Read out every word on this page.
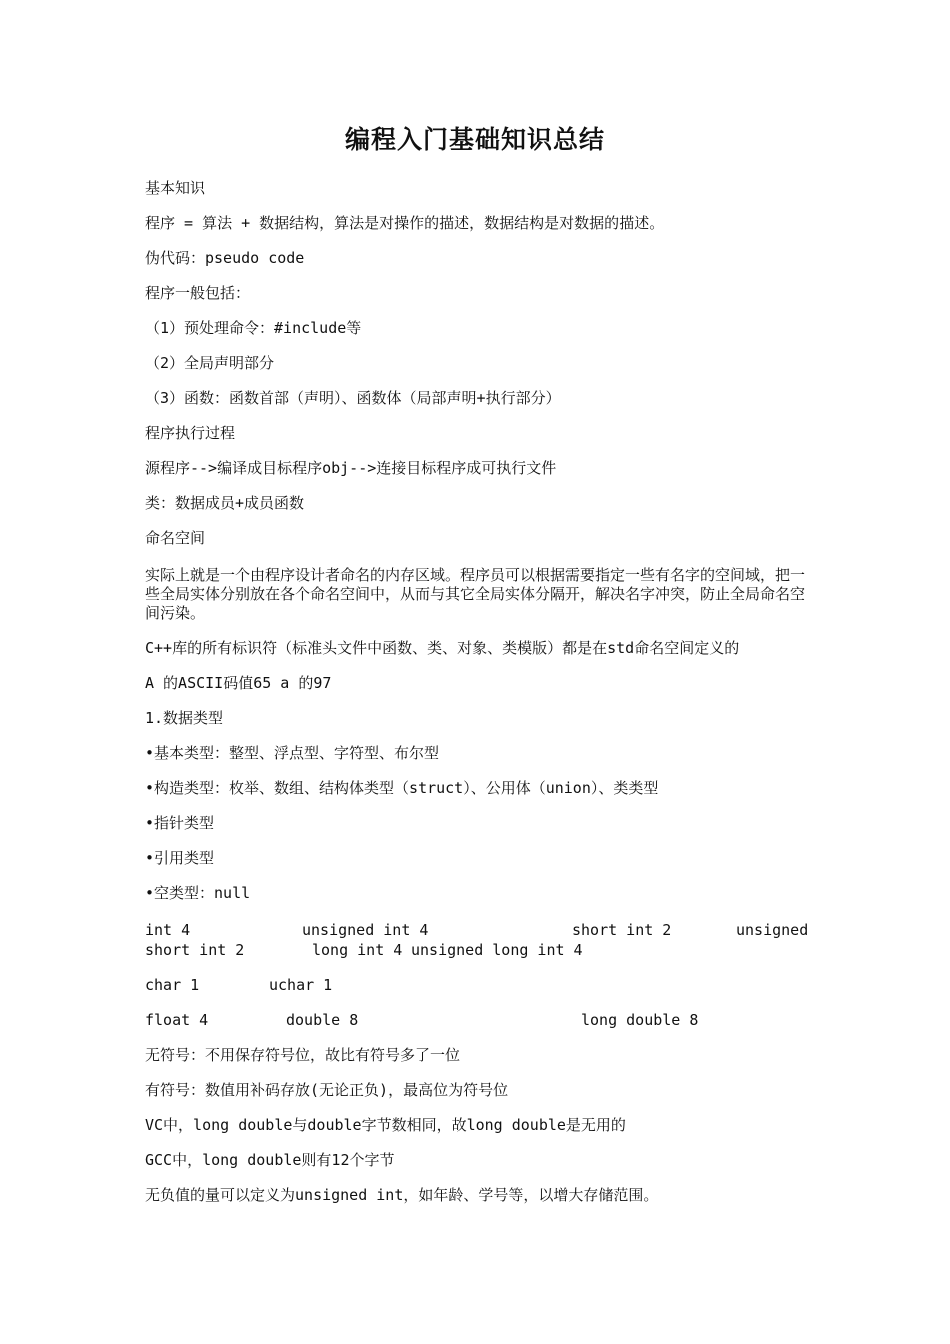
编程入门基础知识总结
基本知识
程序 = 算法 + 数据结构，算法是对操作的描述，数据结构是对数据的描述。
伪代码：pseudo code
程序一般包括：
（1）预处理命令：#include等
（2）全局声明部分
（3）函数：函数首部（声明）、函数体（局部声明+执行部分）
程序执行过程
源程序-->编译成目标程序obj-->连接目标程序成可执行文件
类：数据成员+成员函数
命名空间
实际上就是一个由程序设计者命名的内存区域。程序员可以根据需要指定一些有名字的空间域，把一些全局实体分别放在各个命名空间中，从而与其它全局实体分隔开，解决名字冲突，防止全局命名空间污染。
C++库的所有标识符（标准头文件中函数、类、对象、类模版）都是在std命名空间定义的
A 的ASCII码值65 a 的97
1.数据类型
•基本类型：整型、浮点型、字符型、布尔型
•构造类型：枚举、数组、结构体类型（struct）、公用体（union）、类类型
•指针类型
•引用类型
•空类型：null
int 4	unsigned int 4	short int 2	unsigned
short int 2	long int 4 unsigned long int 4
char 1	uchar 1
float 4	double 8	long double 8
无符号：不用保存符号位，故比有符号多了一位
有符号：数值用补码存放(无论正负)，最高位为符号位
VC中，long double与double字节数相同，故long double是无用的
GCC中，long double则有12个字节
无负值的量可以定义为unsigned int，如年龄、学号等，以增大存储范围。
